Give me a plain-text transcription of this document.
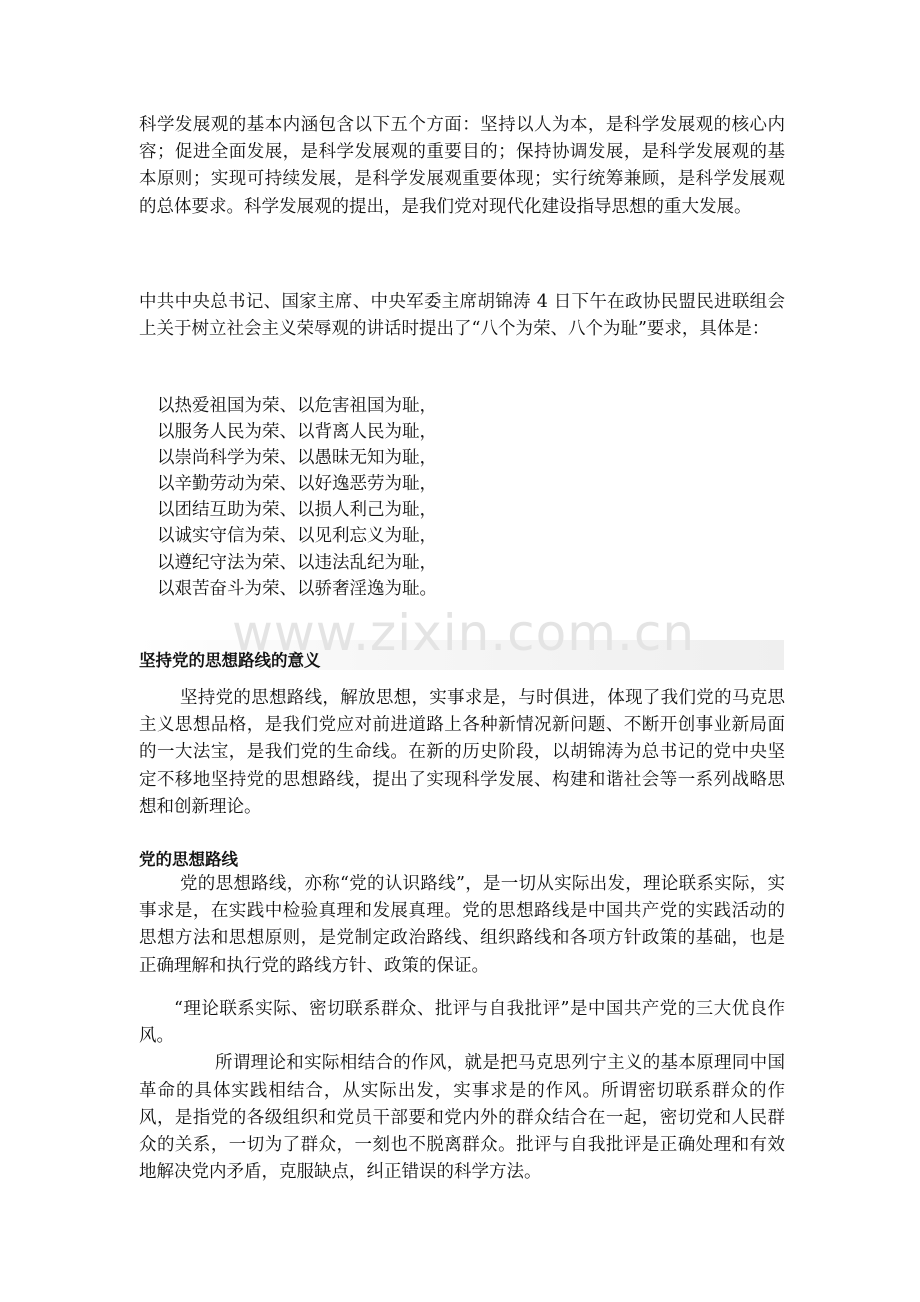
科学发展观的基本内涵包含以下五个方面：坚持以人为本，是科学发展观的核心内容；促进全面发展，是科学发展观的重要目的；保持协调发展，是科学发展观的基本原则；实现可持续发展，是科学发展观重要体现；实行统筹兼顾，是科学发展观的总体要求。科学发展观的提出，是我们党对现代化建设指导思想的重大发展。

中共中央总书记、国家主席、中央军委主席胡锦涛 4 日下午在政协民盟民进联组会上关于树立社会主义荣辱观的讲话时提出了“八个为荣、八个为耻”要求，具体是：

以热爱祖国为荣、以危害祖国为耻，
以服务人民为荣、以背离人民为耻，
以崇尚科学为荣、以愚昧无知为耻，
以辛勤劳动为荣、以好逸恶劳为耻，
以团结互助为荣、以损人利己为耻，
以诚实守信为荣、以见利忘义为耻，
以遵纪守法为荣、以违法乱纪为耻，
以艰苦奋斗为荣、以骄奢淫逸为耻。
www.zixin.com.cn
坚持党的思想路线的意义

坚持党的思想路线，解放思想，实事求是，与时俱进，体现了我们党的马克思主义思想品格，是我们党应对前进道路上各种新情况新问题、不断开创事业新局面的一大法宝，是我们党的生命线。在新的历史阶段，以胡锦涛为总书记的党中央坚定不移地坚持党的思想路线，提出了实现科学发展、构建和谐社会等一系列战略思想和创新理论。

党的思想路线

党的思想路线，亦称“党的认识路线”，是一切从实际出发，理论联系实际，实事求是，在实践中检验真理和发展真理。党的思想路线是中国共产党的实践活动的思想方法和思想原则，是党制定政治路线、组织路线和各项方针政策的基础，也是正确理解和执行党的路线方针、政策的保证。

“理论联系实际、密切联系群众、批评与自我批评”是中国共产党的三大优良作风。
所谓理论和实际相结合的作风，就是把马克思列宁主义的基本原理同中国革命的具体实践相结合，从实际出发，实事求是的作风。所谓密切联系群众的作风，是指党的各级组织和党员干部要和党内外的群众结合在一起，密切党和人民群众的关系，一切为了群众，一刻也不脱离群众。批评与自我批评是正确处理和有效地解决党内矛盾，克服缺点，纠正错误的科学方法。
